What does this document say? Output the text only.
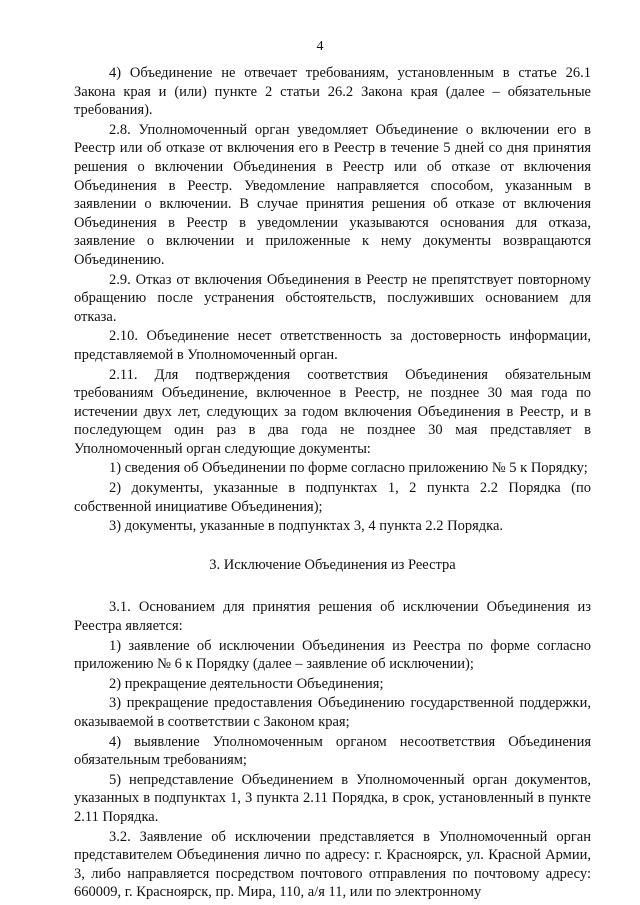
4

4) Объединение не отвечает требованиям, установленным в статье 26.1 Закона края и (или) пункте 2 статьи 26.2 Закона края (далее – обязательные требования).

2.8. Уполномоченный орган уведомляет Объединение о включении его в Реестр или об отказе от включения его в Реестр в течение 5 дней со дня принятия решения о включении Объединения в Реестр или об отказе от включения Объединения в Реестр. Уведомление направляется способом, указанным в заявлении о включении. В случае принятия решения об отказе от включения Объединения в Реестр в уведомлении указываются основания для отказа, заявление о включении и приложенные к нему документы возвращаются Объединению.

2.9. Отказ от включения Объединения в Реестр не препятствует повторному обращению после устранения обстоятельств, послуживших основанием для отказа.

2.10. Объединение несет ответственность за достоверность информации, представляемой в Уполномоченный орган.

2.11. Для подтверждения соответствия Объединения обязательным требованиям Объединение, включенное в Реестр, не позднее 30 мая года по истечении двух лет, следующих за годом включения Объединения в Реестр, и в последующем один раз в два года не позднее 30 мая представляет в Уполномоченный орган следующие документы:

1) сведения об Объединении по форме согласно приложению № 5 к Порядку;

2) документы, указанные в подпунктах 1, 2 пункта 2.2 Порядка (по собственной инициативе Объединения);

3) документы, указанные в подпунктах 3, 4 пункта 2.2 Порядка.

3. Исключение Объединения из Реестра

3.1. Основанием для принятия решения об исключении Объединения из Реестра является:

1) заявление об исключении Объединения из Реестра по форме согласно приложению № 6 к Порядку (далее – заявление об исключении);

2) прекращение деятельности Объединения;

3) прекращение предоставления Объединению государственной поддержки, оказываемой в соответствии с Законом края;

4) выявление Уполномоченным органом несоответствия Объединения обязательным требованиям;

5) непредставление Объединением в Уполномоченный орган документов, указанных в подпунктах 1, 3 пункта 2.11 Порядка, в срок, установленный в пункте 2.11 Порядка.

3.2. Заявление об исключении представляется в Уполномоченный орган представителем Объединения лично по адресу: г. Красноярск, ул. Красной Армии, 3, либо направляется посредством почтового отправления по почтовому адресу: 660009, г. Красноярск, пр. Мира, 110, а/я 11, или по электронному
